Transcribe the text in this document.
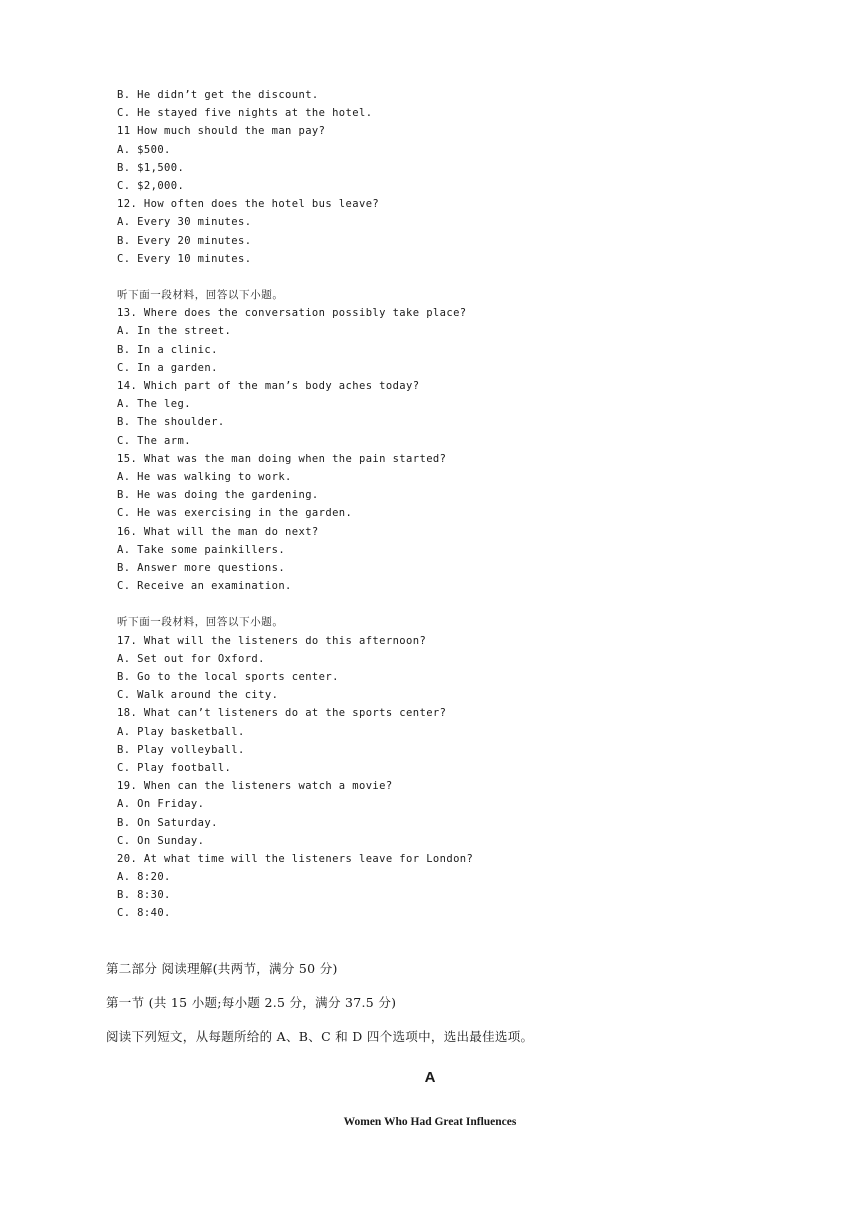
B. He didn’t get the discount.
C. He stayed five nights at the hotel.
11 How much should the man pay?
A. $500.
B. $1,500.
C. $2,000.
12. How often does the hotel bus leave?
A. Every 30 minutes.
B. Every 20 minutes.
C. Every 10 minutes.
听下面一段材料，回答以下小题。
13. Where does the conversation possibly take place?
A. In the street.
B. In a clinic.
C. In a garden.
14. Which part of the man’s body aches today?
A. The leg.
B. The shoulder.
C. The arm.
15. What was the man doing when the pain started?
A. He was walking to work.
B. He was doing the gardening.
C. He was exercising in the garden.
16. What will the man do next?
A. Take some painkillers.
B. Answer more questions.
C. Receive an examination.
听下面一段材料，回答以下小题。
17. What will the listeners do this afternoon?
A. Set out for Oxford.
B. Go to the local sports center.
C. Walk around the city.
18. What can’t listeners do at the sports center?
A. Play basketball.
B. Play volleyball.
C. Play football.
19. When can the listeners watch a movie?
A. On Friday.
B. On Saturday.
C. On Sunday.
20. At what time will the listeners leave for London?
A. 8:20.
B. 8:30.
C. 8:40.
第二部分 阅读理解(共两节，满分 50 分)
第一节 (共 15 小题;每小题 2.5 分，满分 37.5 分)
阅读下列短文，从每题所给的 A、B、C 和 D 四个选项中，选出最佳选项。
A
Women Who Had Great Influences
